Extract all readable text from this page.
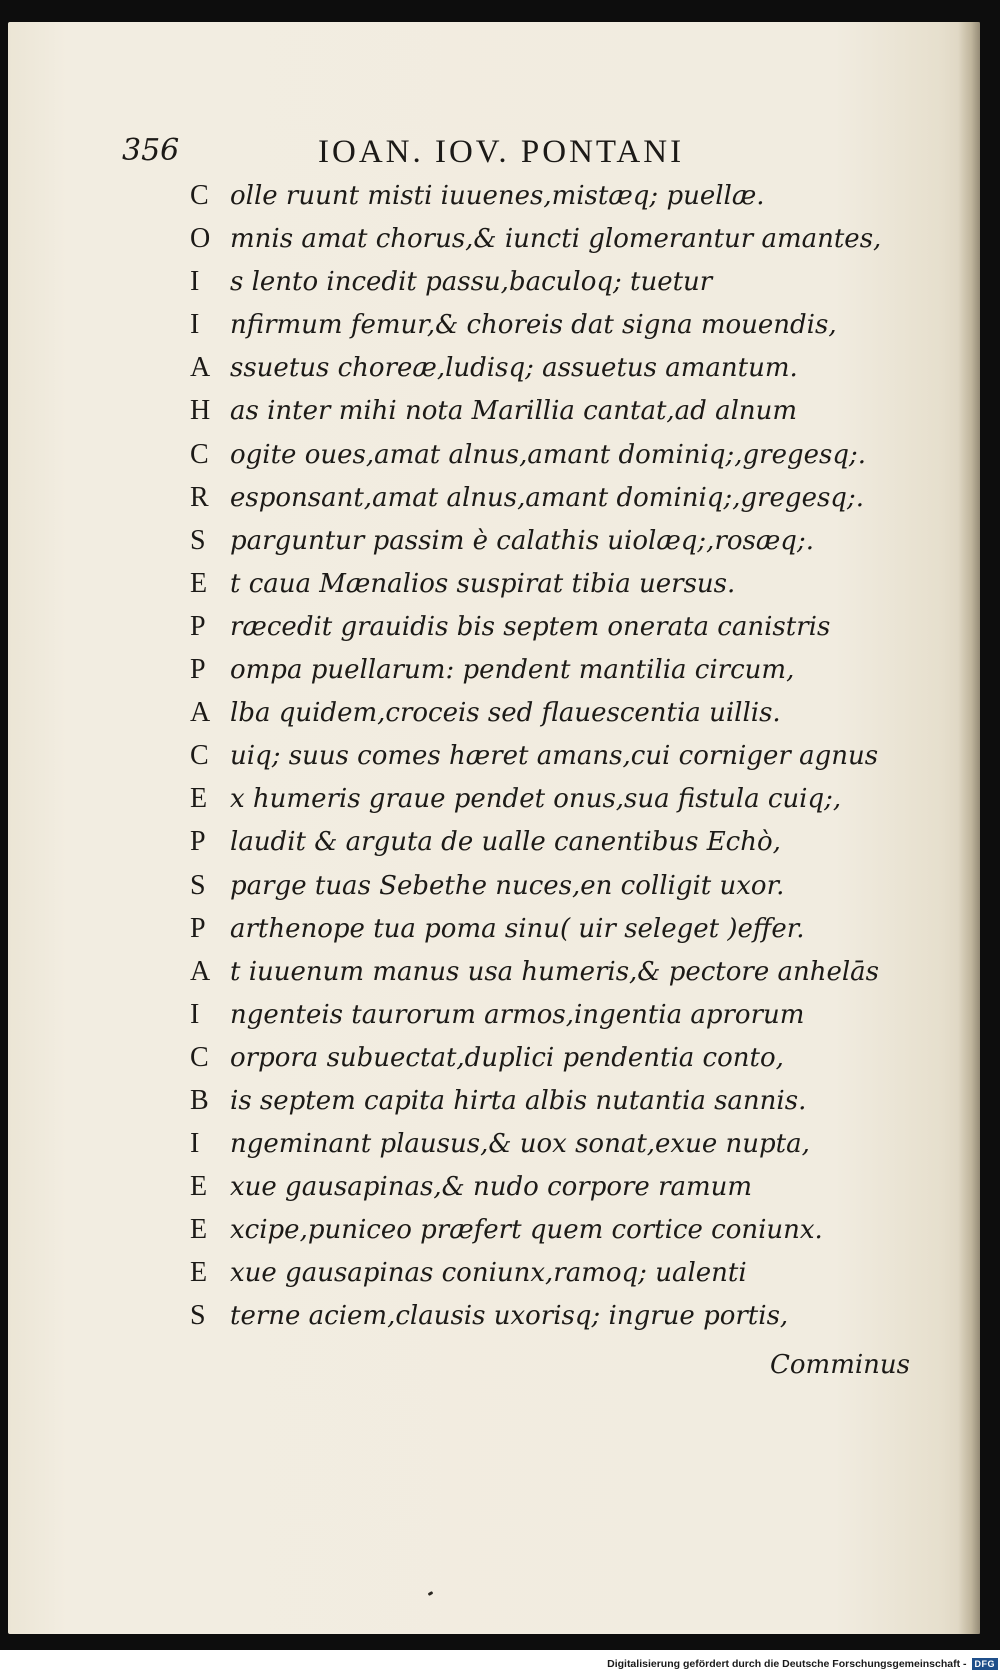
356	IOAN. IOV. PONTANI
C olle ruunt misti iuuenes,mistæq; puellæ.
O mnis amat chorus,& iuncti glomerantur amantes,
I	s lento incedit passu,baculoq; tuetur
I	nfirmum femur,& choreis dat signa mouendis,
A ssuetus choreæ,ludisq; assuetus amantum.
H as inter mihi nota Marillia cantat,ad alnum
C ogite oues,amat alnus,amant dominiq;,gregesq;.
R esponsant,amat alnus,amant dominiq;,gregesq;.
S parguntur passim è calathis uiolæq;,rosæq;.
E t caua Mænalios suspirat tibia uersus.
P ræcedit grauidis bis septem onerata canistris
P ompa puellarum: pendent mantilia circum,
A lba quidem,croceis sed flauescentia uillis.
C uiq; suus comes hæret amans,cui corniger agnus
E x humeris graue pendet onus,sua fistula cuiq;,
P laudit & arguta de ualle canentibus Echò,
S parge tuas Sebethe nuces,en colligit uxor.
P arthenope tua poma sinu( uir seleget )effer.
A t iuuenum manus usa humeris,& pectore anhelās
I	ngenteis taurorum armos,ingentia aprorum
C orpora subuectat,duplici pendentia conto,
B is septem capita hirta albis nutantia sannis.
I	ngeminant plausus,& uox sonat,exue nupta,
E xue gausapinas,& nudo corpore ramum
E xcipe,puniceo præfert quem cortice coniunx.
E xue gausapinas coniunx,ramoq; ualenti
S terne aciem,clausis uxorisq; ingrue portis,
Comminus
Digitalisierung gefördert durch die Deutsche Forschungsgemeinschaft - DFG
